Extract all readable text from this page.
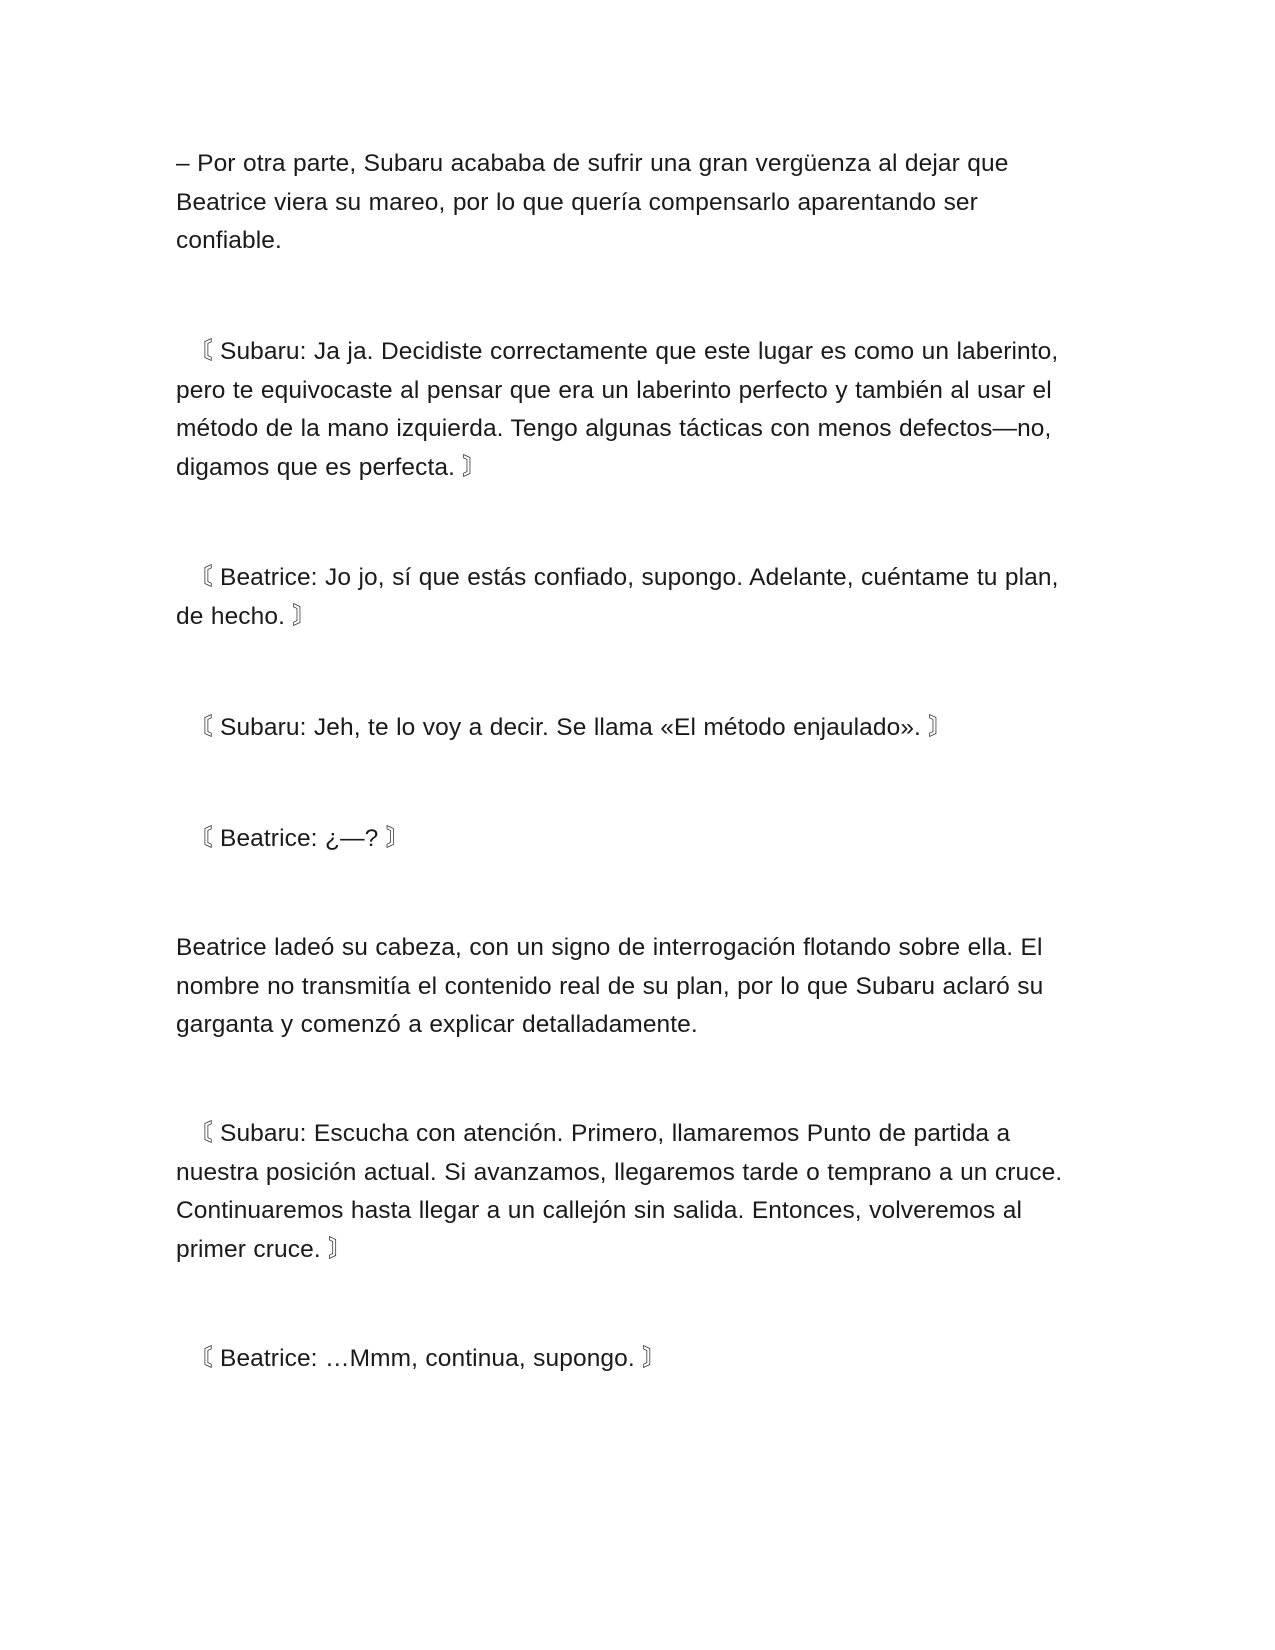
– Por otra parte, Subaru acababa de sufrir una gran vergüenza al dejar que Beatrice viera su mareo, por lo que quería compensarlo aparentando ser confiable.

〘 Subaru: Ja ja. Decidiste correctamente que este lugar es como un laberinto, pero te equivocaste al pensar que era un laberinto perfecto y también al usar el método de la mano izquierda. Tengo algunas tácticas con menos defectos—no, digamos que es perfecta. 〙

〘 Beatrice: Jo jo, sí que estás confiado, supongo. Adelante, cuéntame tu plan, de hecho. 〙

〘 Subaru: Jeh, te lo voy a decir. Se llama «El método enjaulado». 〙

〘 Beatrice: ¿—? 〙

Beatrice ladeó su cabeza, con un signo de interrogación flotando sobre ella. El nombre no transmitía el contenido real de su plan, por lo que Subaru aclaró su garganta y comenzó a explicar detalladamente.

〘 Subaru: Escucha con atención. Primero, llamaremos Punto de partida a nuestra posición actual. Si avanzamos, llegaremos tarde o temprano a un cruce. Continuaremos hasta llegar a un callejón sin salida. Entonces, volveremos al primer cruce. 〙

〘 Beatrice: …Mmm, continua, supongo. 〙
